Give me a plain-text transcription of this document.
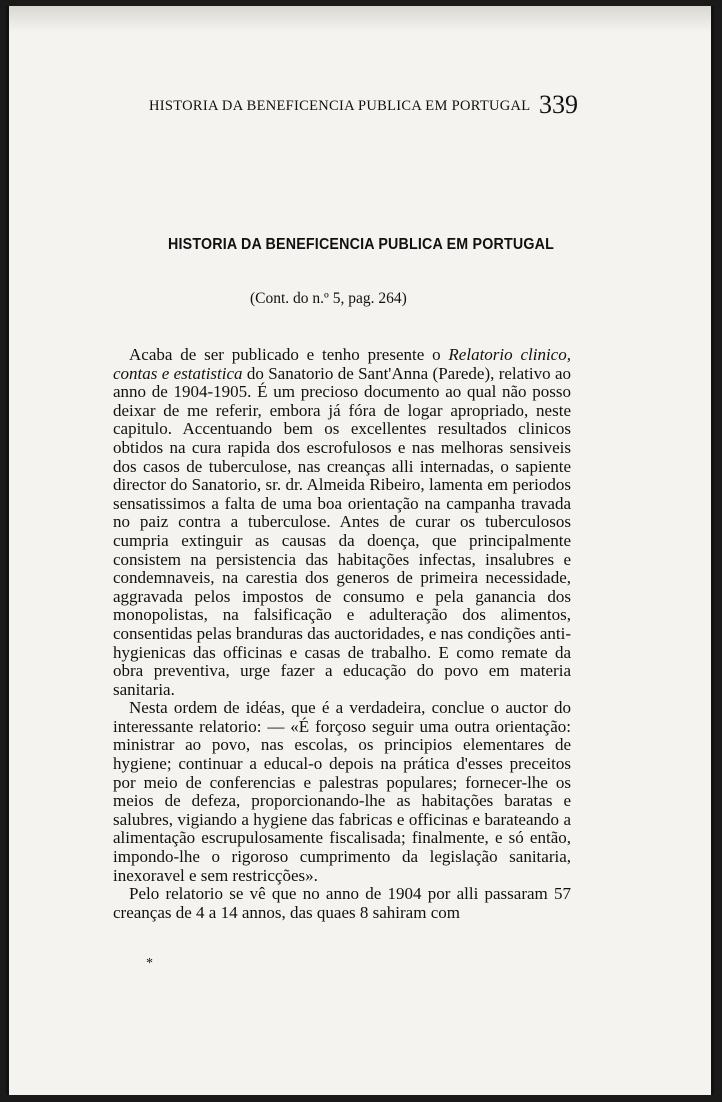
HISTORIA DA BENEFICENCIA PUBLICA EM PORTUGAL 339
HISTORIA DA BENEFICENCIA PUBLICA EM PORTUGAL
(Cont. do n.º 5, pag. 264)

Acaba de ser publicado e tenho presente o Relatorio clinico, contas e estatistica do Sanatorio de Sant'Anna (Parede), relativo ao anno de 1904-1905. É um precioso documento ao qual não posso deixar de me referir, embora já fóra de logar apropriado, neste capitulo. Accentuando bem os excellentes resultados clinicos obtidos na cura rapida dos escrofulosos e nas melhoras sensiveis dos casos de tuberculose, nas creanças alli internadas, o sapiente director do Sanatorio, sr. dr. Almeida Ribeiro, lamenta em periodos sensatissimos a falta de uma boa orientação na campanha travada no paiz contra a tuberculose. Antes de curar os tuberculosos cumpria extinguir as causas da doença, que principalmente consistem na persistencia das habitações infectas, insalubres e condemnaveis, na carestia dos generos de primeira necessidade, aggravada pelos impostos de consumo e pela ganancia dos monopolistas, na falsificação e adulteração dos alimentos, consentidas pelas branduras das auctoridades, e nas condições anti-hygienicas das officinas e casas de trabalho. E como remate da obra preventiva, urge fazer a educação do povo em materia sanitaria.

Nesta ordem de idéas, que é a verdadeira, conclue o auctor do interessante relatorio: — «É forçoso seguir uma outra orientação: ministrar ao povo, nas escolas, os principios elementares de hygiene; continuar a educal-o depois na prática d'esses preceitos por meio de conferencias e palestras populares; fornecer-lhe os meios de defeza, proporcionando-lhe as habitações baratas e salubres, vigiando a hygiene das fabricas e officinas e barateando a alimentação escrupulosamente fiscalisada; finalmente, e só então, impondo-lhe o rigoroso cumprimento da legislação sanitaria, inexoravel e sem restricções».

Pelo relatorio se vê que no anno de 1904 por alli passaram 57 creanças de 4 a 14 annos, das quaes 8 sahiram com

*
